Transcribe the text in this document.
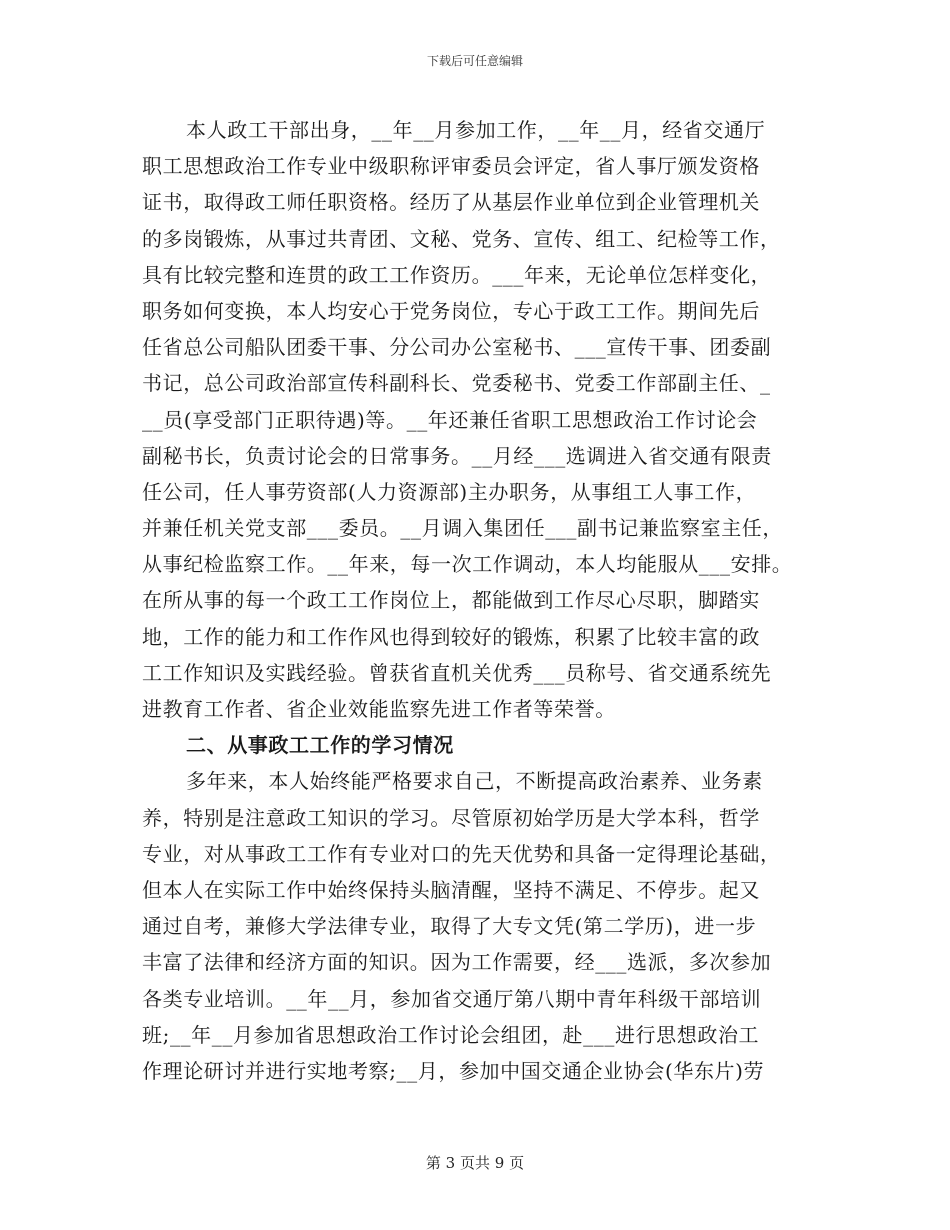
下载后可任意编辑
本人政工干部出身，__年__月参加工作，__年__月，经省交通厅
职工思想政治工作专业中级职称评审委员会评定，省人事厅颁发资格
证书，取得政工师任职资格。经历了从基层作业单位到企业管理机关
的多岗锻炼，从事过共青团、文秘、党务、宣传、组工、纪检等工作，
具有比较完整和连贯的政工工作资历。___年来，无论单位怎样变化，
职务如何变换，本人均安心于党务岗位，专心于政工工作。期间先后
任省总公司船队团委干事、分公司办公室秘书、___宣传干事、团委副
书记，总公司政治部宣传科副科长、党委秘书、党委工作部副主任、_
__员(享受部门正职待遇)等。__年还兼任省职工思想政治工作讨论会
副秘书长，负责讨论会的日常事务。__月经___选调进入省交通有限责
任公司，任人事劳资部(人力资源部)主办职务，从事组工人事工作，
并兼任机关党支部___委员。__月调入集团任___副书记兼监察室主任，
从事纪检监察工作。__年来，每一次工作调动，本人均能服从___安排。
在所从事的每一个政工工作岗位上，都能做到工作尽心尽职，脚踏实
地，工作的能力和工作作风也得到较好的锻炼，积累了比较丰富的政
工工作知识及实践经验。曾获省直机关优秀___员称号、省交通系统先
进教育工作者、省企业效能监察先进工作者等荣誉。
二、从事政工工作的学习情况
多年来，本人始终能严格要求自己，不断提高政治素养、业务素
养，特别是注意政工知识的学习。尽管原初始学历是大学本科，哲学
专业，对从事政工工作有专业对口的先天优势和具备一定得理论基础，
但本人在实际工作中始终保持头脑清醒，坚持不满足、不停步。起又
通过自考，兼修大学法律专业，取得了大专文凭(第二学历)，进一步
丰富了法律和经济方面的知识。因为工作需要，经___选派，多次参加
各类专业培训。__年__月，参加省交通厅第八期中青年科级干部培训
班;__年__月参加省思想政治工作讨论会组团，赴___进行思想政治工
作理论研讨并进行实地考察;__月，参加中国交通企业协会(华东片)劳
第 3 页共 9 页
